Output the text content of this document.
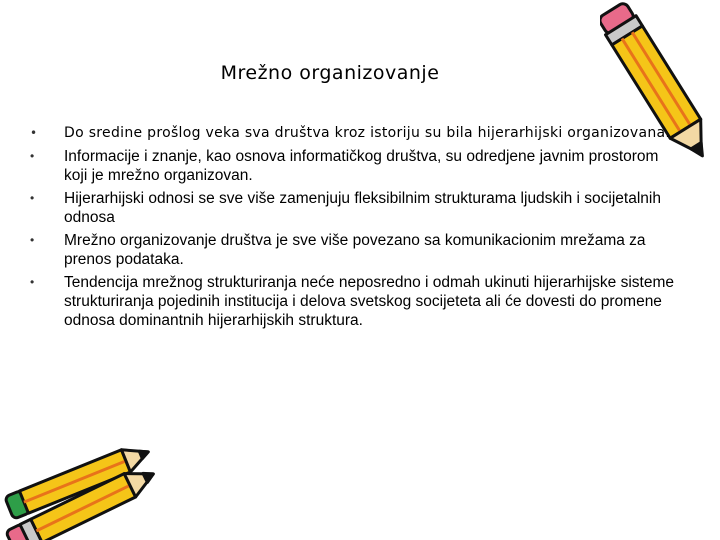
Mrežno organizovanje
•	Do sredine prošlog veka sva društva kroz istoriju su bila hijerarhijski organizovana.
•	Informacije i znanje, kao osnova informatičkog društva, su odredjene javnim prostorom koji je mrežno organizovan.
•	Hijerarhijski odnosi se sve više zamenjuju fleksibilnim strukturama ljudskih i socijetalnih odnosa
•	Mrežno organizovanje društva je sve više povezano sa komunikacionim mrežama za prenos podataka.
•	Tendencija mrežnog strukturiranja neće neposredno i odmah ukinuti hijerarhijske sisteme strukturiranja pojedinih institucija i delova svetskog socijeteta ali će dovesti do promene odnosa dominantnih hijerarhijskih struktura.
